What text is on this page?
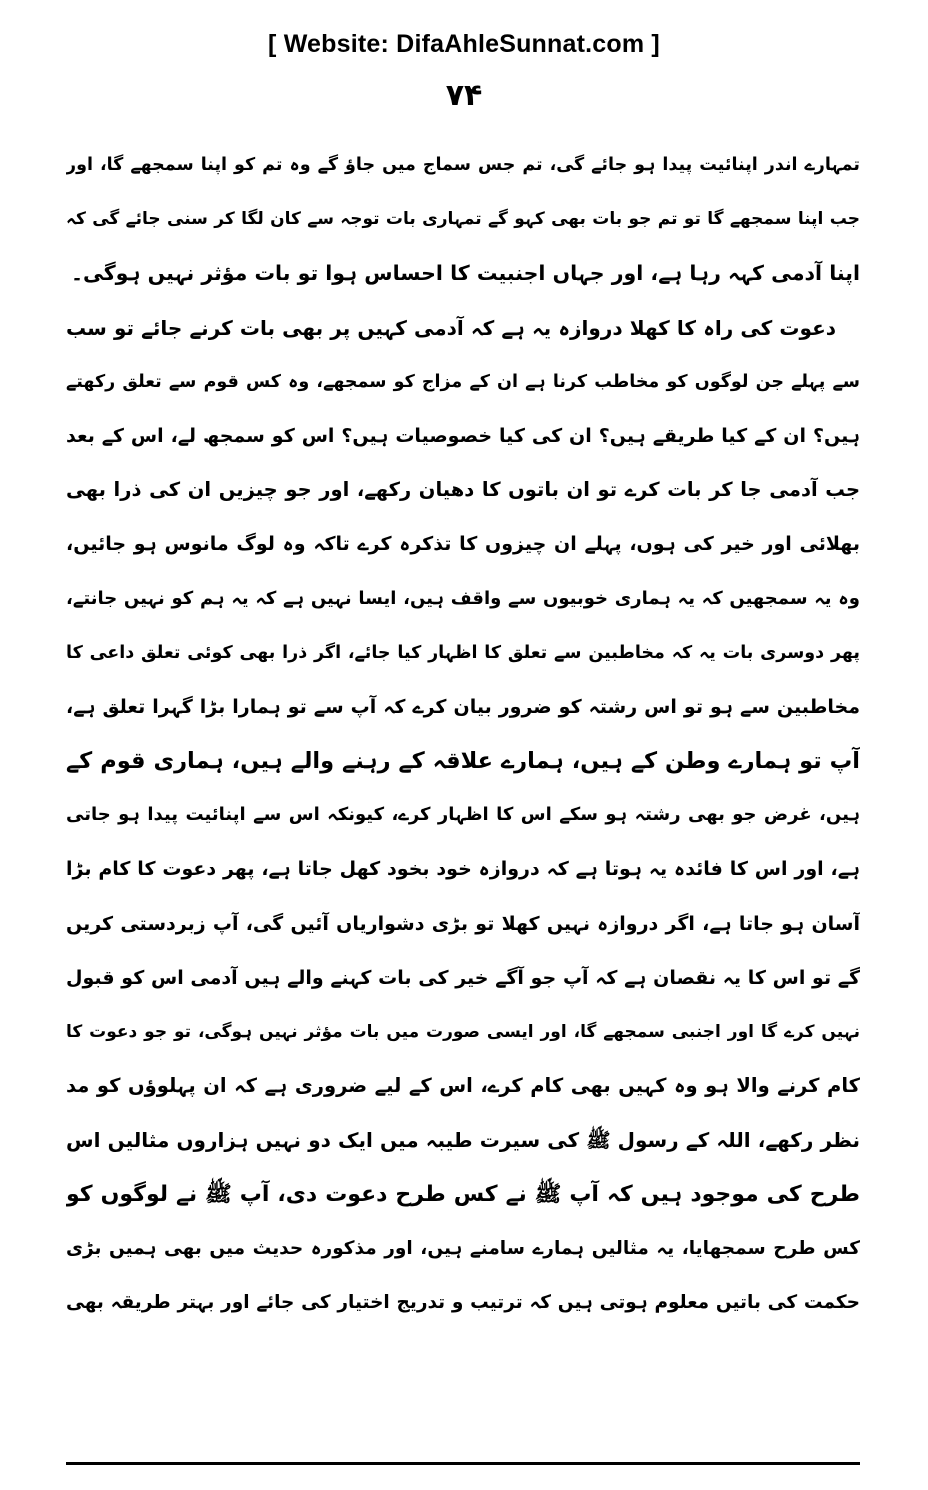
[ Website: DifaAhleSunnat.com ]
۷۴
تمہارے اندر اپنائیت پیدا ہو جائے گی، تم جس سماج میں جاؤ گے وہ تم کو اپنا سمجھے گا، اور
جب اپنا سمجھے گا تو تم جو بات بھی کہو گے تمہاری بات توجہ سے کان لگا کر سنی جائے گی کہ
اپنا آدمی کہہ رہا ہے، اور جہاں اجنبیت کا احساس ہوا تو بات مؤثر نہیں ہوگی۔
دعوت کی راہ کا کھلا دروازہ یہ ہے کہ آدمی کہیں پر بھی بات کرنے جائے تو سب
سے پہلے جن لوگوں کو مخاطب کرنا ہے ان کے مزاج کو سمجھے، وہ کس قوم سے تعلق رکھتے
ہیں؟ ان کے کیا طریقے ہیں؟ ان کی کیا خصوصیات ہیں؟ اس کو سمجھ لے، اس کے بعد
جب آدمی جا کر بات کرے تو ان باتوں کا دھیان رکھے، اور جو چیزیں ان کی ذرا بھی
بھلائی اور خیر کی ہوں، پہلے ان چیزوں کا تذکرہ کرے تاکہ وہ لوگ مانوس ہو جائیں،
وہ یہ سمجھیں کہ یہ ہماری خوبیوں سے واقف ہیں، ایسا نہیں ہے کہ یہ ہم کو نہیں جانتے،
پھر دوسری بات یہ کہ مخاطبین سے تعلق کا اظہار کیا جائے، اگر ذرا بھی کوئی تعلق داعی کا
مخاطبین سے ہو تو اس رشتہ کو ضرور بیان کرے کہ آپ سے تو ہمارا بڑا گہرا تعلق ہے،
آپ تو ہمارے وطن کے ہیں، ہمارے علاقہ کے رہنے والے ہیں، ہماری قوم کے
ہیں، غرض جو بھی رشتہ ہو سکے اس کا اظہار کرے، کیونکہ اس سے اپنائیت پیدا ہو جاتی
ہے، اور اس کا فائدہ یہ ہوتا ہے کہ دروازہ خود بخود کھل جاتا ہے، پھر دعوت کا کام بڑا
آسان ہو جاتا ہے، اگر دروازہ نہیں کھلا تو بڑی دشواریاں آئیں گی، آپ زبردستی کریں
گے تو اس کا یہ نقصان ہے کہ آپ جو آگے خیر کی بات کہنے والے ہیں آدمی اس کو قبول
نہیں کرے گا اور اجنبی سمجھے گا، اور ایسی صورت میں بات مؤثر نہیں ہوگی، تو جو دعوت کا
کام کرنے والا ہو وہ کہیں بھی کام کرے، اس کے لیے ضروری ہے کہ ان پہلوؤں کو مد
نظر رکھے، اللہ کے رسول ﷺ کی سیرت طیبہ میں ایک دو نہیں ہزاروں مثالیں اس
طرح کی موجود ہیں کہ آپ ﷺ نے کس طرح دعوت دی، آپ ﷺ نے لوگوں کو
کس طرح سمجھایا، یہ مثالیں ہمارے سامنے ہیں، اور مذکورہ حدیث میں بھی ہمیں بڑی
حکمت کی باتیں معلوم ہوتی ہیں کہ ترتیب و تدریج اختیار کی جائے اور بہتر طریقہ بھی
